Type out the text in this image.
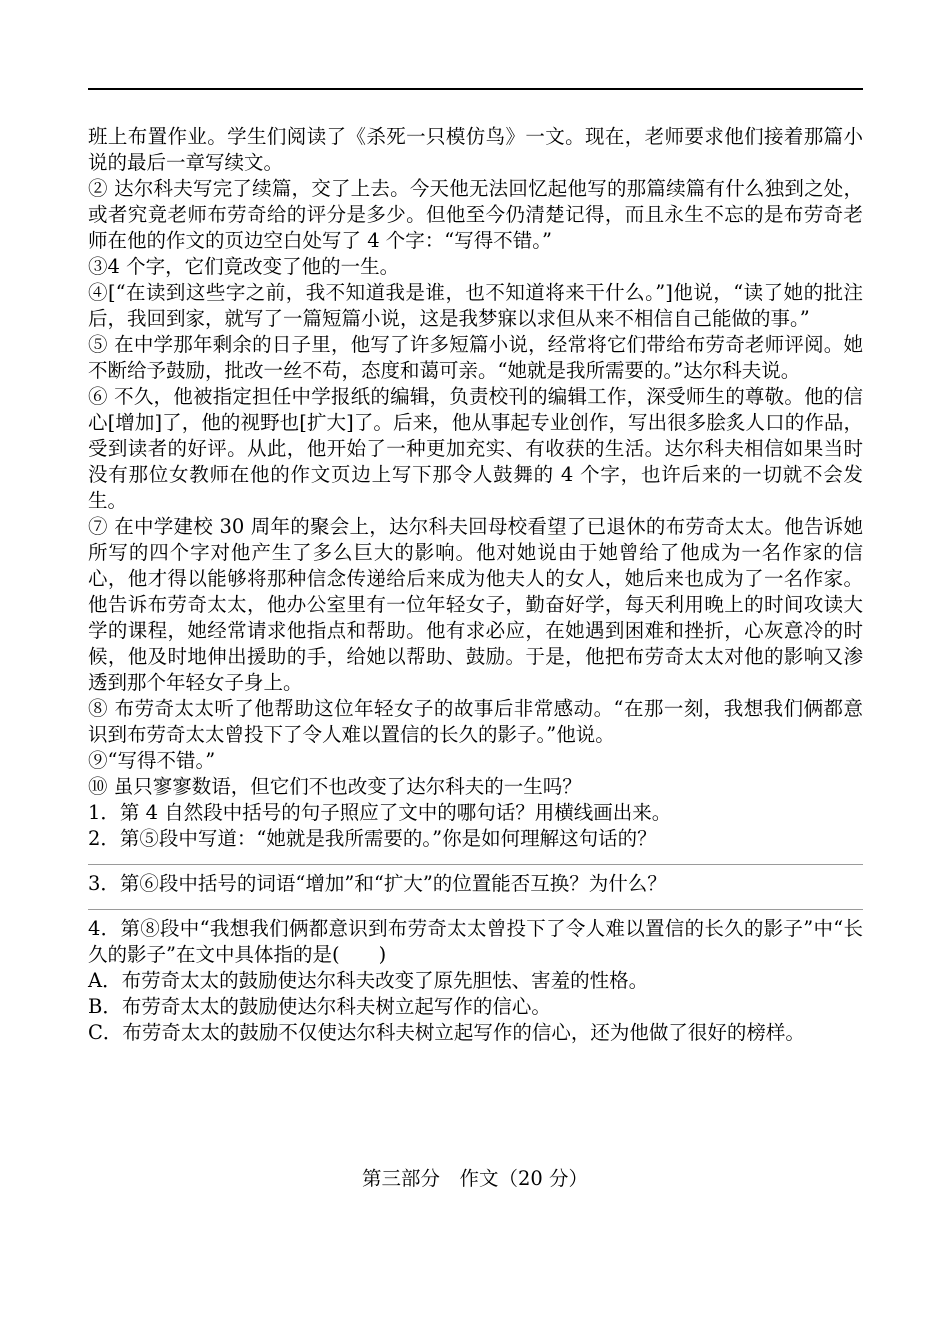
班上布置作业。学生们阅读了《杀死一只模仿鸟》一文。现在，老师要求他们接着那篇小说的最后一章写续文。

② 达尔科夫写完了续篇，交了上去。今天他无法回忆起他写的那篇续篇有什么独到之处，或者究竟老师布劳奇给的评分是多少。但他至今仍清楚记得，而且永生不忘的是布劳奇老师在他的作文的页边空白处写了 4 个字：“写得不错。”

③4 个字，它们竟改变了他的一生。

④[“在读到这些字之前，我不知道我是谁，也不知道将来干什么。”]他说，“读了她的批注后，我回到家，就写了一篇短篇小说，这是我梦寐以求但从来不相信自己能做的事。”

⑤ 在中学那年剩余的日子里，他写了许多短篇小说，经常将它们带给布劳奇老师评阅。她不断给予鼓励，批改一丝不苟，态度和蔼可亲。“她就是我所需要的。”达尔科夫说。

⑥ 不久，他被指定担任中学报纸的编辑，负责校刊的编辑工作，深受师生的尊敬。他的信心[增加]了，他的视野也[扩大]了。后来，他从事起专业创作，写出很多脍炙人口的作品，受到读者的好评。从此，他开始了一种更加充实、有收获的生活。达尔科夫相信如果当时没有那位女教师在他的作文页边上写下那令人鼓舞的 4 个字，也许后来的一切就不会发生。

⑦ 在中学建校 30 周年的聚会上，达尔科夫回母校看望了已退休的布劳奇太太。他告诉她所写的四个字对他产生了多么巨大的影响。他对她说由于她曾给了他成为一名作家的信心，他才得以能够将那种信念传递给后来成为他夫人的女人，她后来也成为了一名作家。他告诉布劳奇太太，他办公室里有一位年轻女子，勤奋好学，每天利用晚上的时间攻读大学的课程，她经常请求他指点和帮助。他有求必应，在她遇到困难和挫折，心灰意冷的时候，他及时地伸出援助的手，给她以帮助、鼓励。于是，他把布劳奇太太对他的影响又渗透到那个年轻女子身上。

⑧ 布劳奇太太听了他帮助这位年轻女子的故事后非常感动。“在那一刻，我想我们俩都意识到布劳奇太太曾投下了令人难以置信的长久的影子。”他说。

⑨“写得不错。”

⑩ 虽只寥寥数语，但它们不也改变了达尔科夫的一生吗？

1．第 4 自然段中括号的句子照应了文中的哪句话？用横线画出来。

2．第⑤段中写道：“她就是我所需要的。”你是如何理解这句话的？

3．第⑥段中括号的词语“增加”和“扩大”的位置能否互换？为什么？

4．第⑧段中“我想我们俩都意识到布劳奇太太曾投下了令人难以置信的长久的影子”中“长久的影子”在文中具体指的是(　　)

A．布劳奇太太的鼓励使达尔科夫改变了原先胆怯、害羞的性格。

B．布劳奇太太的鼓励使达尔科夫树立起写作的信心。

C．布劳奇太太的鼓励不仅使达尔科夫树立起写作的信心，还为他做了很好的榜样。

第三部分　作文（20 分）
